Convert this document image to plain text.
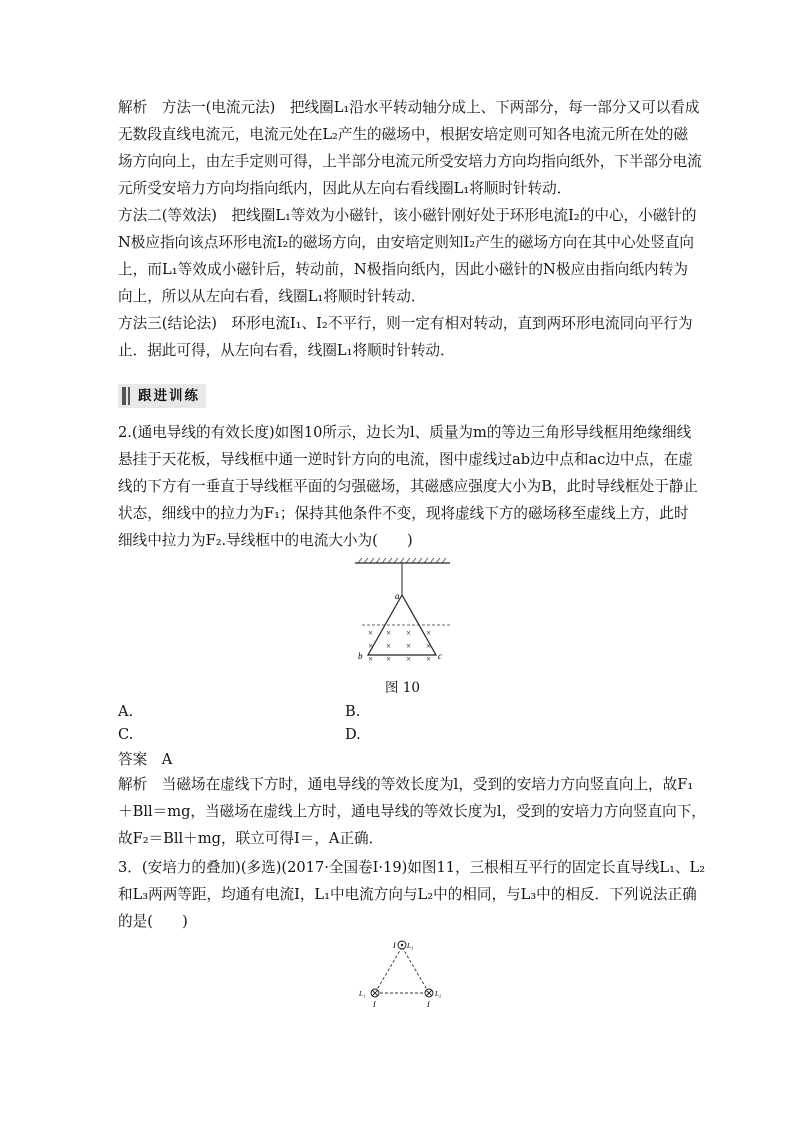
解析　方法一(电流元法)　把线圈L₁沿水平转动轴分成上、下两部分，每一部分又可以看成
无数段直线电流元，电流元处在L₂产生的磁场中，根据安培定则可知各电流元所在处的磁
场方向向上，由左手定则可得，上半部分电流元所受安培力方向均指向纸外，下半部分电流
元所受安培力方向均指向纸内，因此从左向右看线圈L₁将顺时针转动．
方法二(等效法)　把线圈L₁等效为小磁针，该小磁针刚好处于环形电流I₂的中心，小磁针的
N极应指向该点环形电流I₂的磁场方向，由安培定则知I₂产生的磁场方向在其中心处竖直向
上，而L₁等效成小磁针后，转动前，N极指向纸内，因此小磁针的N极应由指向纸内转为
向上，所以从左向右看，线圈L₁将顺时针转动．
方法三(结论法)　环形电流I₁、I₂不平行，则一定有相对转动，直到两环形电流同向平行为
止．据此可得，从左向右看，线圈L₁将顺时针转动．
跟进训练
2.(通电导线的有效长度)如图10所示，边长为l、质量为m的等边三角形导线框用绝缘细线
悬挂于天花板，导线框中通一逆时针方向的电流，图中虚线过ab边中点和ac边中点，在虚
线的下方有一垂直于导线框平面的匀强磁场，其磁感应强度大小为B，此时导线框处于静止
状态，细线中的拉力为F₁；保持其他条件不变，现将虚线下方的磁场移至虚线上方，此时
细线中拉力为F₂.导线框中的电流大小为(　　)
a
b	c
× × × ×
× × × ×
× × × ×
图 10
A.	B.
C.	D.
答案　A
解析　当磁场在虚线下方时，通电导线的等效长度为l，受到的安培力方向竖直向上，故F₁
＋Bll＝mg，当磁场在虚线上方时，通电导线的等效长度为l，受到的安培力方向竖直向下，
故F₂＝Bll＋mg，联立可得I＝，A正确．
3．(安培力的叠加)(多选)(2017·全国卷Ⅰ·19)如图11，三根相互平行的固定长直导线L₁、L₂
和L₃两两等距，均通有电流I，L₁中电流方向与L₂中的相同，与L₃中的相反．下列说法正确
的是(　　)
I L₃
L₁
I
L₂
I
